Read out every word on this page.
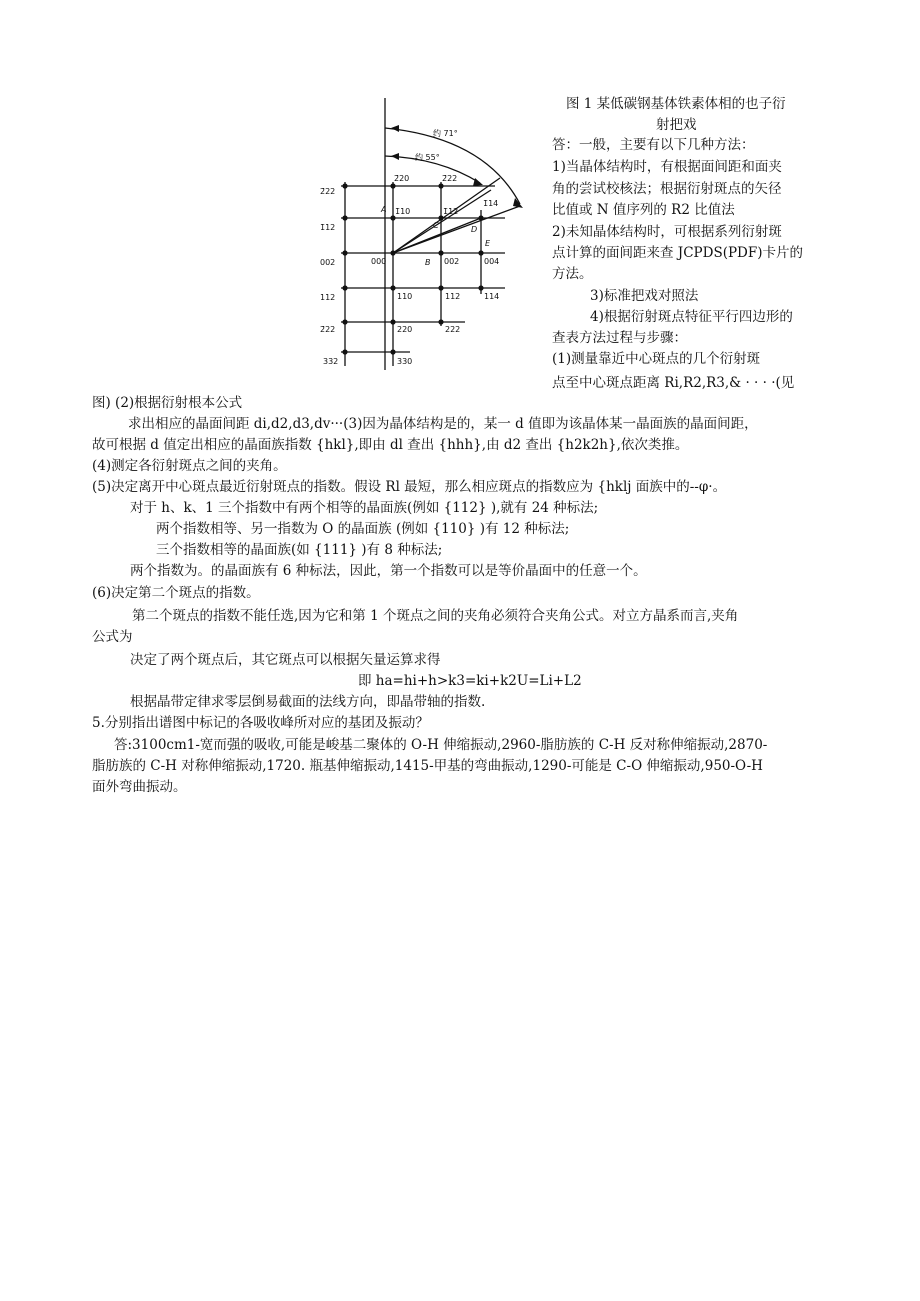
约 71°
约 55°
2̄22
2̄20	2̄22
1̄12
1̄10	1̄12
1̄14
002	000	002	004
112	110	112	114
2̄22	220	222
332	330
A
B
C	D
E
图 1 某低碳钢基体铁素体相的也子衍
射把戏
答：一般，主要有以下几种方法：
1)当晶体结构时，有根据面间距和面夹
角的尝试校核法；根据衍射斑点的矢径
比值或 N 值序列的 R2 比值法
2)未知晶体结构时，可根据系列衍射斑
点计算的面间距来查 JCPDS(PDF)卡片的
方法。
3)标准把戏对照法
4)根据衍射斑点特征平行四边形的
查表方法过程与步骤：
(1)测量靠近中心斑点的几个衍射斑
点至中心斑点距离 Ri,R2,R3,& · · · ·(见
图) (2)根据衍射根本公式
求出相应的晶面间距 di,d2,d3,dv···(3)因为晶体结构是的，某一 d 值即为该晶体某一晶面族的晶面间距，
故可根据 d 值定出相应的晶面族指数 {hkl},即由 dl 查出 {hhh},由 d2 查出 {h2k2h},依次类推。
(4)测定各衍射斑点之间的夹角。
(5)决定离开中心斑点最近衍射斑点的指数。假设 Rl 最短，那么相应斑点的指数应为 {hklj 面族中的--φ·。
对于 h、k、1 三个指数中有两个相等的晶面族(例如 {112} ),就有 24 种标法;
两个指数相等、另一指数为 O 的晶面族 (例如 {110} )有 12 种标法;
三个指数相等的晶面族(如 {111} )有 8 种标法;
两个指数为。的晶面族有 6 种标法，因此，第一个指数可以是等价晶面中的任意一个。
(6)决定第二个斑点的指数。
第二个斑点的指数不能任选,因为它和第 1 个斑点之间的夹角必须符合夹角公式。对立方晶系而言,夹角
公式为
决定了两个斑点后，其它斑点可以根据矢量运算求得
即 ha=hi+h>k3=ki+k2U=Li+L2
根据晶带定律求零层倒易截面的法线方向，即晶带轴的指数.
5.分别指出谱图中标记的各吸收峰所对应的基团及振动？
答:3100cm1-宽而强的吸收,可能是峻基二聚体的 O-H 伸缩振动,2960-脂肪族的 C-H 反对称伸缩振动,2870-
脂肪族的 C-H 对称伸缩振动,1720. 瓶基伸缩振动,1415-甲基的弯曲振动,1290-可能是 C-O 伸缩振动,950-O-H
面外弯曲振动。
